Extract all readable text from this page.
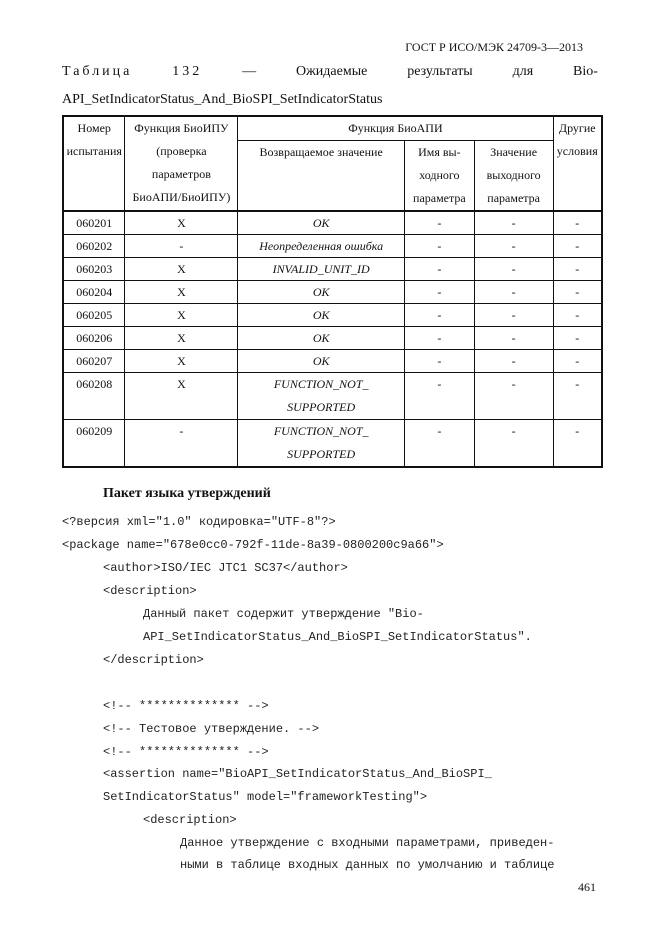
ГОСТ Р ИСО/МЭК 24709-3—2013
Таблица	132	—	Ожидаемые	результаты	для	Bio-
API_SetIndicatorStatus_And_BioSPI_SetIndicatorStatus
Номер испытания	Функция БиоИПУ (проверка параметров БиоАПИ/БиоИПУ)	Функция БиоАПИ			Другие условия
		Возвращаемое значение	Имя вы-ходного параметра	Значение выходного параметра	
060201	X	OK	-	-	-
060202	-	Неопределенная ошибка	-	-	-
060203	X	INVALID_UNIT_ID	-	-	-
060204	X	OK	-	-	-
060205	X	OK	-	-	-
060206	X	OK	-	-	-
060207	X	OK	-	-	-
060208	X	FUNCTION_NOT_ SUPPORTED	-	-	-
060209	-	FUNCTION_NOT_ SUPPORTED	-	-	-
Пакет языка утверждений
<?версия xml="1.0" кодировка="UTF-8"?>
<package name="678e0cc0-792f-11de-8a39-0800200c9a66">
<author>ISO/IEC JTC1 SC37</author>
<description>
Данный пакет содержит утверждение "Bio-
API_SetIndicatorStatus_And_BioSPI_SetIndicatorStatus".
</description>
<!-- ************** -->
<!-- Тестовое утверждение. -->
<!-- ************** -->
<assertion name="BioAPI_SetIndicatorStatus_And_BioSPI_
SetIndicatorStatus" model="frameworkTesting">
<description>
Данное утверждение с входными параметрами, приведен-
ными в таблице входных данных по умолчанию и таблице
461
